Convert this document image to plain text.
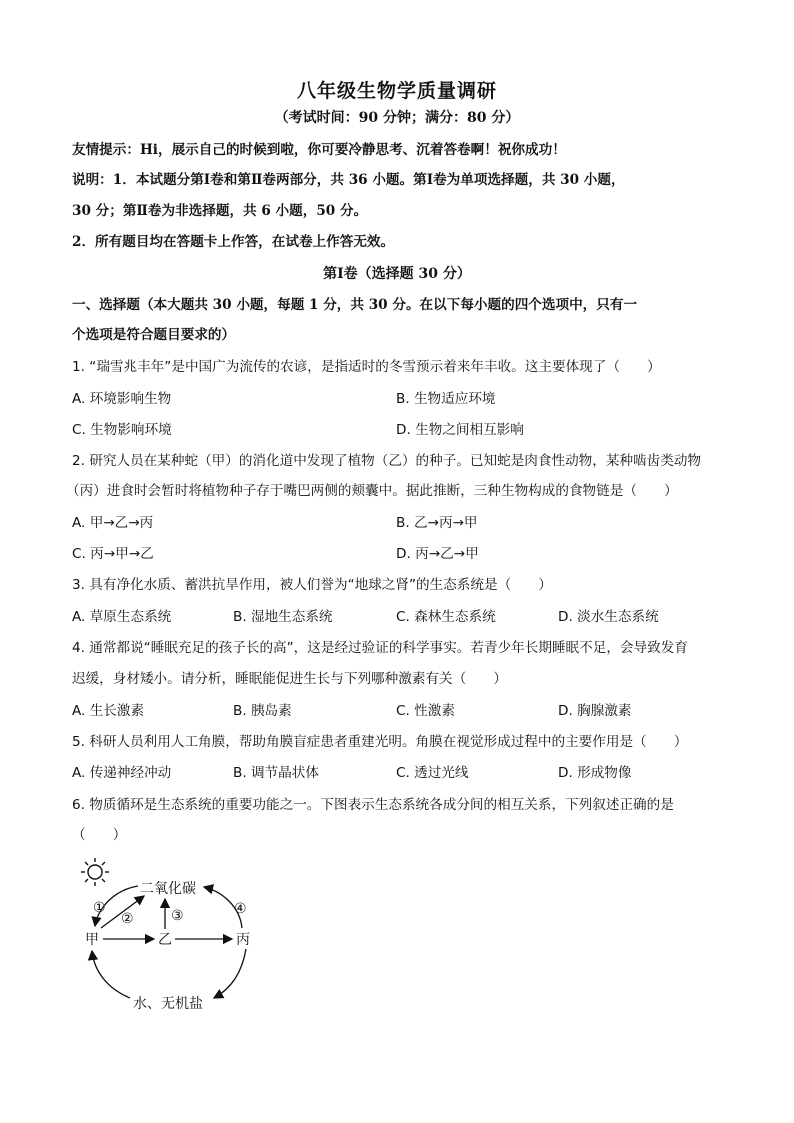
八年级生物学质量调研
（考试时间：90 分钟；满分：80 分）
友情提示：Hi，展示自己的时候到啦，你可要冷静思考、沉着答卷啊！祝你成功！
说明：1．本试题分第Ⅰ卷和第Ⅱ卷两部分，共 36 小题。第Ⅰ卷为单项选择题，共 30 小题，
30 分；第Ⅱ卷为非选择题，共 6 小题，50 分。
2．所有题目均在答题卡上作答，在试卷上作答无效。
第Ⅰ卷（选择题 30 分）
一、选择题（本大题共 30 小题，每题 1 分，共 30 分。在以下每小题的四个选项中，只有一
个选项是符合题目要求的）
1. “瑞雪兆丰年”是中国广为流传的农谚，是指适时的冬雪预示着来年丰收。这主要体现了（　　）
A. 环境影响生物	B. 生物适应环境
C. 生物影响环境	D. 生物之间相互影响
2. 研究人员在某种蛇（甲）的消化道中发现了植物（乙）的种子。已知蛇是肉食性动物，某种啮齿类动物
（丙）进食时会暂时将植物种子存于嘴巴两侧的颊囊中。据此推断，三种生物构成的食物链是（　　）
A. 甲→乙→丙	B. 乙→丙→甲
C. 丙→甲→乙	D. 丙→乙→甲
3. 具有净化水质、蓄洪抗旱作用，被人们誉为“地球之肾”的生态系统是（　　）
A. 草原生态系统	B. 湿地生态系统	C. 森林生态系统	D. 淡水生态系统
4. 通常都说“睡眠充足的孩子长的高”，这是经过验证的科学事实。若青少年长期睡眠不足，会导致发育
迟缓，身材矮小。请分析，睡眠能促进生长与下列哪种激素有关（　　）
A. 生长激素	B. 胰岛素	C. 性激素	D. 胸腺激素
5. 科研人员利用人工角膜，帮助角膜盲症患者重建光明。角膜在视觉形成过程中的主要作用是（　　）
A. 传递神经冲动	B. 调节晶状体	C. 透过光线	D. 形成物像
6. 物质循环是生态系统的重要功能之一。下图表示生态系统各成分间的相互关系，下列叙述正确的是
（　　）
二氧化碳
甲	乙	丙
水、无机盐
①
②	③	④
